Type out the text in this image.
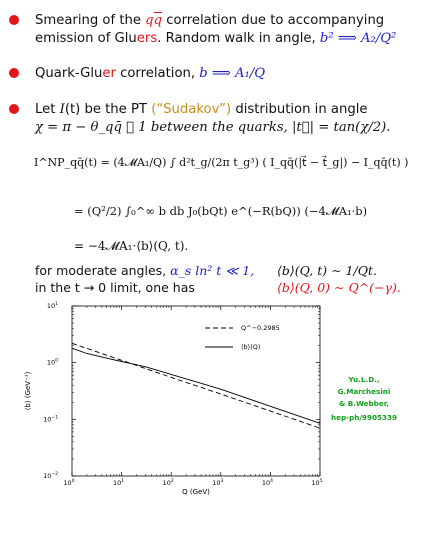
Smearing of the $q\overline{q}$ correlation due to accompanying
emission of Gluers. Random walk in angle, b² ⟹ A₂/Q²
Quark-Gluer correlation, b ⟹ A₁/Q
Let I(t) be the PT (“Sudakov”) distribution in angle
χ = π − θ_qq̄ ≪ 1 between the quarks, |t⃗| = tan(χ/2).
I^NP_qq̄(t) = (4𝓜A₁/Q) ∫ d²t_g/(2π t_g³) ( I_qq̄(|t⃗ − t⃗_g|) − I_qq̄(t) )
= (Q²/2) ∫₀^∞ b db J₀(bQt) e^(−R(bQ)) (−4𝓜A₁·b)
= −4𝓜A₁·⟨b⟩(Q, t).
for moderate angles, α_s ln² t ≪ 1, ⟨b⟩(Q, t) ∼ 1/Qt.
in the t → 0 limit, one has	⟨b⟩(Q, 0) ∼ Q^(−γ).
$10^0$	$10^1$	$10^2$	$10^3$	$10^4$	$10^5$
$10^{-2}$
$10^{-1}$
$10^0$
$10^1$
Q^−0.2985
⟨b⟩(Q)
Q (GeV)
⟨b⟩ (GeV⁻¹)	Yu.L.D.,
G.Marchesini
& B.Webber,
hep-ph/9905339
